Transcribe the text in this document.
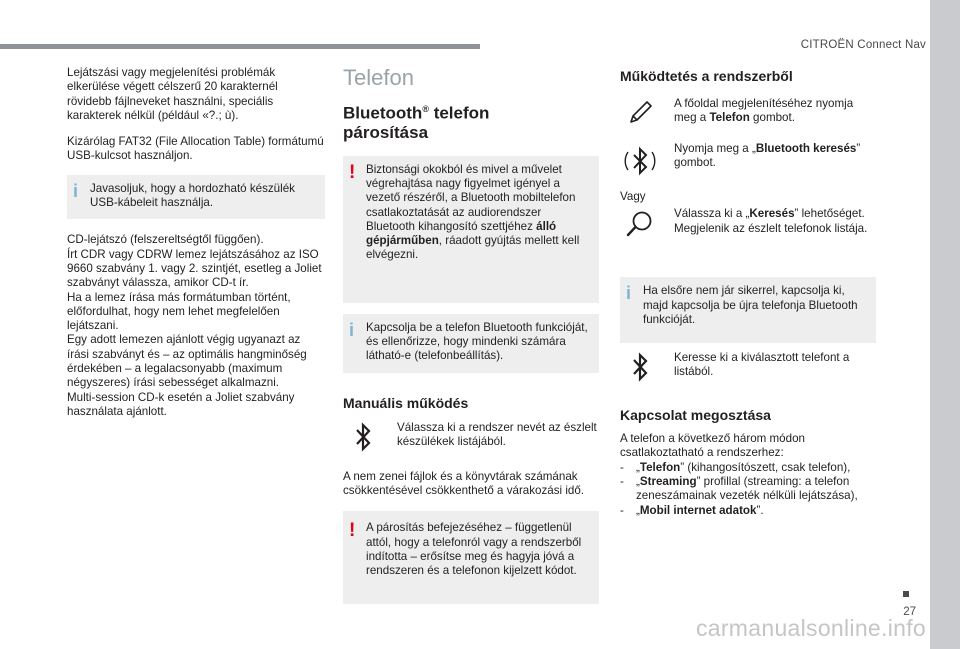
CITROËN Connect Nav

Lejátszási vagy megjelenítési problémák elkerülése végett célszerű 20 karakternél rövidebb fájlneveket használni, speciális karakterek nélkül (például «?.; ù).

Kizárólag FAT32 (File Allocation Table) formátumú USB-kulcsot használjon.

i	Javasoljuk, hogy a hordozható készülék USB-kábeleit használja.

CD-lejátszó (felszereltségtől függően).
Írt CDR vagy CDRW lemez lejátszásához az ISO 9660 szabvány 1. vagy 2. szintjét, esetleg a Joliet szabványt válassza, amikor CD-t ír.
Ha a lemez írása más formátumban történt, előfordulhat, hogy nem lehet megfelelően lejátszani.
Egy adott lemezen ajánlott végig ugyanazt az írási szabványt és – az optimális hangminőség érdekében – a legalacsonyabb (maximum négyszeres) írási sebességet alkalmazni.
Multi-session CD-k esetén a Joliet szabvány használata ajánlott.

Telefon
Bluetooth® telefon
párosítása
! Biztonsági okokból és mivel a művelet végrehajtása nagy figyelmet igényel a vezető részéről, a Bluetooth mobiltelefon csatlakoztatását az audiorendszer Bluetooth kihangosító szettjéhez álló gépjárműben, ráadott gyújtás mellett kell elvégezni.
i	Kapcsolja be a telefon Bluetooth funkcióját, és ellenőrizze, hogy mindenki számára látható-e (telefonbeállítás).
Manuális működés
Válassza ki a rendszer nevét az észlelt készülékek listájából.

A nem zenei fájlok és a könyvtárak számának csökkentésével csökkenthető a várakozási idő.

! A párosítás befejezéséhez – függetlenül attól, hogy a telefonról vagy a rendszerből indította – erősítse meg és hagyja jóvá a rendszeren és a telefonon kijelzett kódot.
Működtetés a rendszerből
A főoldal megjelenítéséhez nyomja meg a Telefon gombot.
Nyomja meg a „Bluetooth keresés” gombot.

Vagy

Válassza ki a „Keresés” lehetőséget.
Megjelenik az észlelt telefonok listája.
i	Ha elsőre nem jár sikerrel, kapcsolja ki, majd kapcsolja be újra telefonja Bluetooth funkcióját.
Keresse ki a kiválasztott telefont a listából.
Kapcsolat megosztása

A telefon a következő három módon csatlakoztatható a rendszerhez:

-	„Telefon” (kihangosítószett, csak telefon),
-	„Streaming” profillal (streaming: a telefon zeneszámainak vezeték nélküli lejátszása),
-	„Mobil internet adatok”.
27
carmanualsonline.info
